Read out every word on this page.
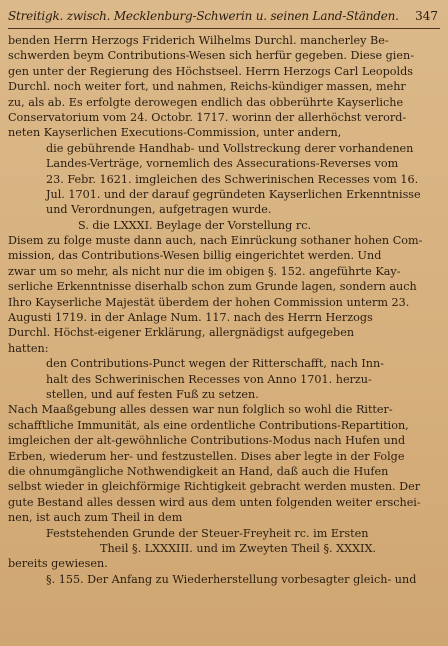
Streitigk. zwisch. Mecklenburg-Schwerin u. seinen Land-Ständen. 347
benden Herrn Herzogs Friderich Wilhelms Durchl. mancherley Be-
schwerden beym Contributions-Wesen sich herfür gegeben. Diese gien-
gen unter der Regierung des Höchstseel. Herrn Herzogs Carl Leopolds
Durchl. noch weiter fort, und nahmen, Reichs-kündiger massen, mehr
zu, als ab. Es erfolgte derowegen endlich das obberührte Kayserliche
Conservatorium vom 24. Octobr. 1717. worinn der allerhöchst verord-
neten Kayserlichen Executions-Commission, unter andern,
die gebührende Handhab- und Vollstreckung derer vorhandenen
Landes-Verträge, vornemlich des Assecurations-Reverses vom
23. Febr. 1621. imgleichen des Schwerinischen Recesses vom 16.
Jul. 1701. und der darauf gegründeten Kayserlichen Erkenntnisse
und Verordnungen, aufgetragen wurde.
S. die LXXXI. Beylage der Vorstellung rc.
Disem zu folge muste dann auch, nach Einrückung sothaner hohen Com-
mission, das Contributions-Wesen billig eingerichtet werden. Und
zwar um so mehr, als nicht nur die im obigen §. 152. angeführte Kay-
serliche Erkenntnisse diserhalb schon zum Grunde lagen, sondern auch
Ihro Kayserliche Majestät überdem der hohen Commission unterm 23.
Augusti 1719. in der Anlage Num. 117. nach des Herrn Herzogs
Durchl. Höchst-eigener Erklärung, allergnädigst aufgegeben
hatten:
den Contributions-Punct wegen der Ritterschafft, nach Inn-
halt des Schwerinischen Recesses von Anno 1701. herzu-
stellen, und auf festen Fuß zu setzen.
Nach Maaßgebung alles dessen war nun folglich so wohl die Ritter-
schafftliche Immunität, als eine ordentliche Contributions-Repartition,
imgleichen der alt-gewöhnliche Contributions-Modus nach Hufen und
Erben, wiederum her- und festzustellen. Dises aber legte in der Folge
die ohnumgängliche Nothwendigkeit an Hand, daß auch die Hufen
selbst wieder in gleichförmige Richtigkeit gebracht werden musten. Der
gute Bestand alles dessen wird aus dem unten folgenden weiter erschei-
nen, ist auch zum Theil in dem
Feststehenden Grunde der Steuer-Freyheit rc. im Ersten
Theil §. LXXXIII. und im Zweyten Theil §. XXXIX.
bereits gewiesen.
§. 155. Der Anfang zu Wiederherstellung vorbesagter gleich- und
